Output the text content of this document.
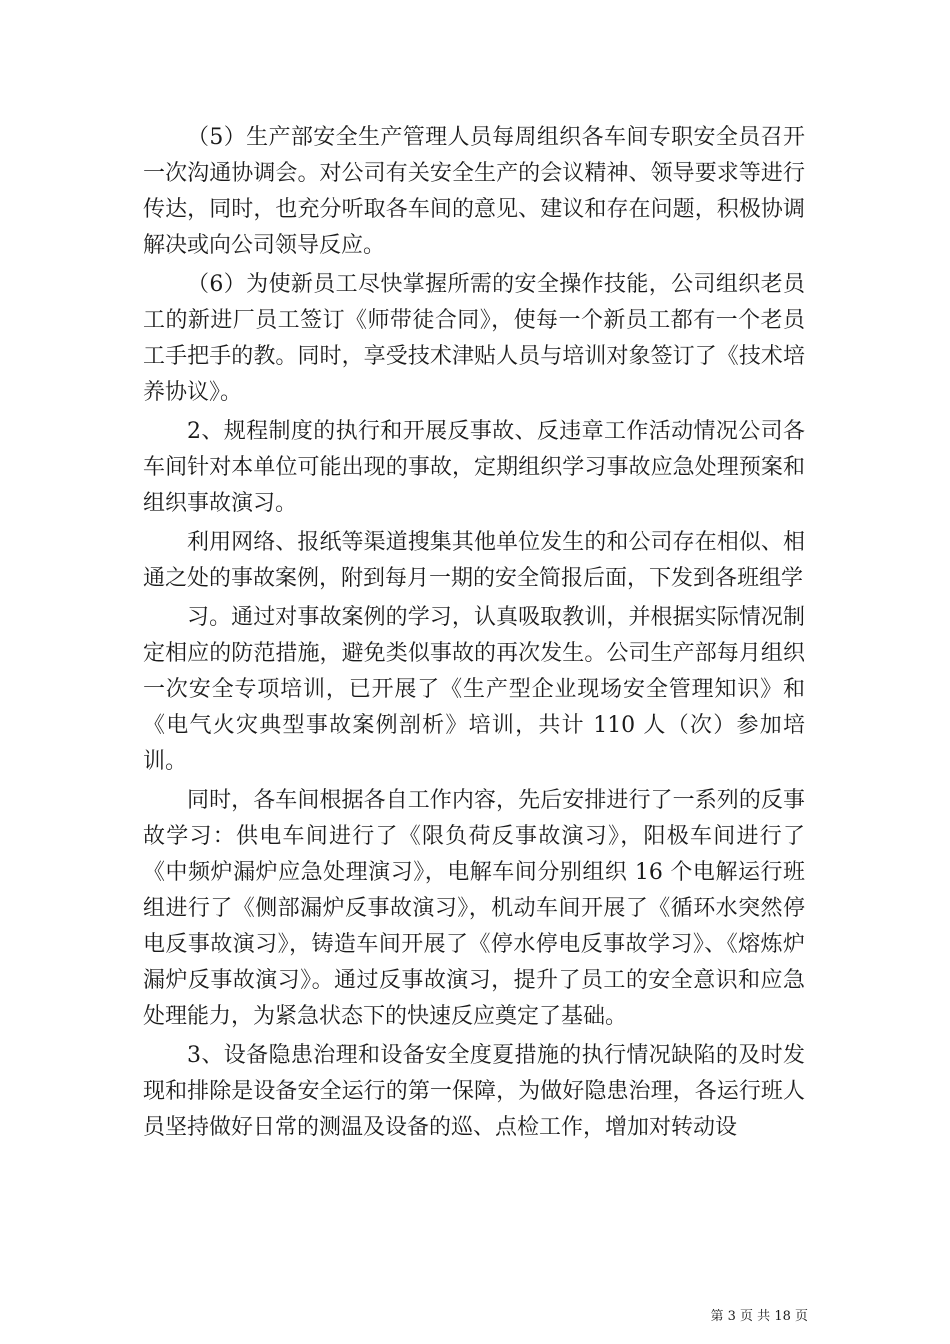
（5）生产部安全生产管理人员每周组织各车间专职安全员召开一次沟通协调会。对公司有关安全生产的会议精神、领导要求等进行传达，同时，也充分听取各车间的意见、建议和存在问题，积极协调解决或向公司领导反应。

（6）为使新员工尽快掌握所需的安全操作技能，公司组织老员工的新进厂员工签订《师带徒合同》，使每一个新员工都有一个老员工手把手的教。同时，享受技术津贴人员与培训对象签订了《技术培养协议》。

2、规程制度的执行和开展反事故、反违章工作活动情况公司各车间针对本单位可能出现的事故，定期组织学习事故应急处理预案和组织事故演习。

利用网络、报纸等渠道搜集其他单位发生的和公司存在相似、相通之处的事故案例，附到每月一期的安全简报后面，下发到各班组学

习。通过对事故案例的学习，认真吸取教训，并根据实际情况制定相应的防范措施，避免类似事故的再次发生。公司生产部每月组织一次安全专项培训，已开展了《生产型企业现场安全管理知识》和《电气火灾典型事故案例剖析》培训，共计 110 人（次）参加培训。

同时，各车间根据各自工作内容，先后安排进行了一系列的反事故学习：供电车间进行了《限负荷反事故演习》，阳极车间进行了《中频炉漏炉应急处理演习》，电解车间分别组织 16 个电解运行班组进行了《侧部漏炉反事故演习》，机动车间开展了《循环水突然停电反事故演习》，铸造车间开展了《停水停电反事故学习》、《熔炼炉漏炉反事故演习》。通过反事故演习，提升了员工的安全意识和应急处理能力，为紧急状态下的快速反应奠定了基础。

3、设备隐患治理和设备安全度夏措施的执行情况缺陷的及时发现和排除是设备安全运行的第一保障，为做好隐患治理，各运行班人员坚持做好日常的测温及设备的巡、点检工作，增加对转动设

第 3 页 共 18 页
